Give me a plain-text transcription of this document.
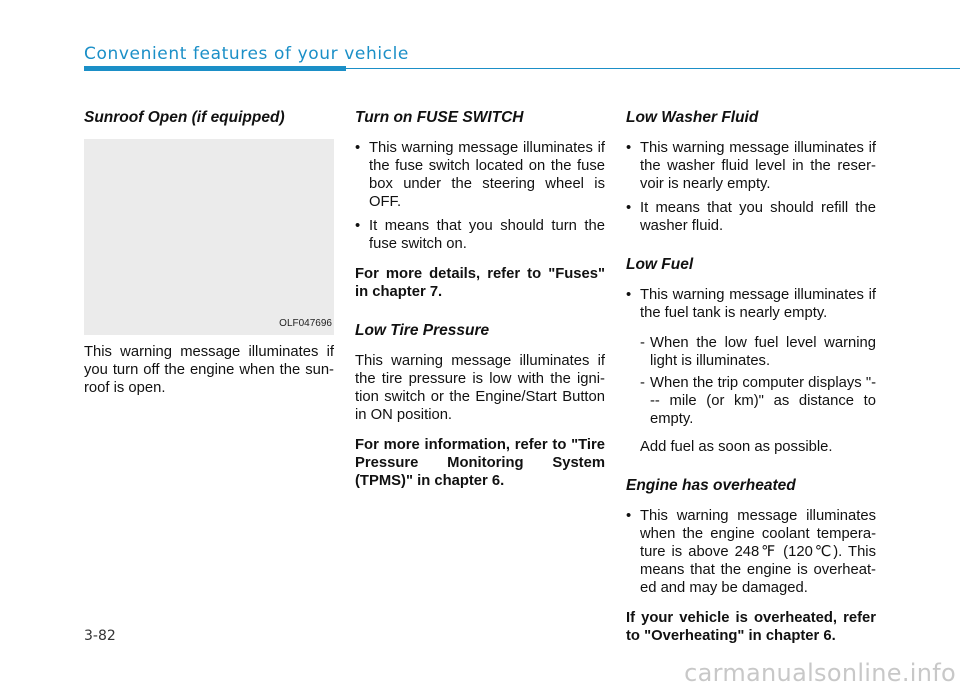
Convenient features of your vehicle
Sunroof Open (if equipped)
OLF047696

This warning message illuminates if you turn off the engine when the sun-roof is open.

Turn on FUSE SWITCH
• This warning message illuminates if the fuse switch located on the fuse box under the steering wheel is OFF.
• It means that you should turn the fuse switch on.

For more details, refer to "Fuses" in chapter 7.

Low Tire Pressure

This warning message illuminates if the tire pressure is low with the igni-tion switch or the Engine/Start Button in ON position.

For more information, refer to "Tire Pressure Monitoring System (TPMS)" in chapter 6.

Low Washer Fluid
• This warning message illuminates if the washer fluid level in the reser-voir is nearly empty.
• It means that you should refill the washer fluid.
Low Fuel
• This warning message illuminates if the fuel tank is nearly empty.

- When the low fuel level warning light is illuminates.

- When the trip computer displays "--- mile (or km)" as distance to empty.

Add fuel as soon as possible.

Engine has overheated
• This warning message illuminates when the engine coolant tempera-ture is above 248℉ (120℃). This means that the engine is overheat-ed and may be damaged.

If your vehicle is overheated, refer to "Overheating" in chapter 6.

3-82
carmanualsonline.info
